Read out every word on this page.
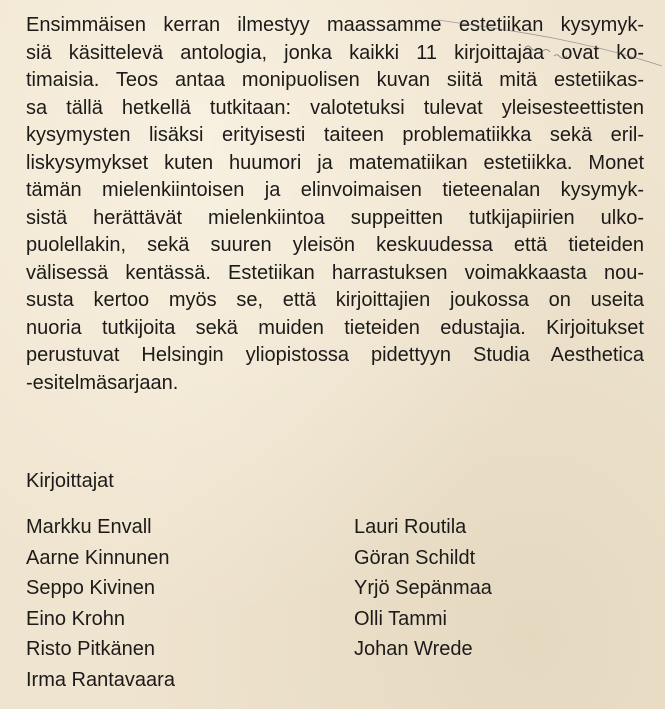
Ensimmäisen kerran ilmestyy maassamme estetiikan kysymyk-
siä käsittelevä antologia, jonka kaikki 11 kirjoittajaa ovat ko-
timaisia. Teos antaa monipuolisen kuvan siitä mitä estetiikas-
sa tällä hetkellä tutkitaan: valotetuksi tulevat yleisesteettisten
kysymysten lisäksi erityisesti taiteen problematiikka sekä eril-
liskysymykset kuten huumori ja matematiikan estetiikka. Monet
tämän mielenkiintoisen ja elinvoimaisen tieteenalan kysymyk-
sistä herättävät mielenkiintoa suppeitten tutkijapiirien ulko-
puolellakin, sekä suuren yleisön keskuudessa että tieteiden
välisessä kentässä. Estetiikan harrastuksen voimakkaasta nou-
susta kertoo myös se, että kirjoittajien joukossa on useita
nuoria tutkijoita sekä muiden tieteiden edustajia. Kirjoitukset
perustuvat Helsingin yliopistossa pidettyyn Studia Aesthetica
-esitelmäsarjaan.
Kirjoittajat
Markku Envall
Aarne Kinnunen
Seppo Kivinen
Eino Krohn
Risto Pitkänen
Irma Rantavaara
Lauri Routila
Göran Schildt
Yrjö Sepänmaa
Olli Tammi
Johan Wrede
